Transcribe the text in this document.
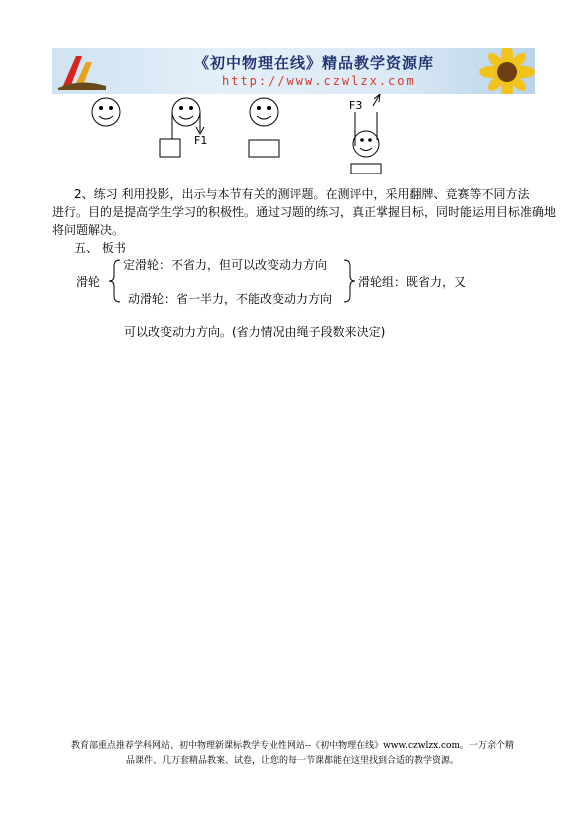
《初中物理在线》精品教学资源库
http://www.czwlzx.com
F1
F3
2、练习 利用投影，出示与本节有关的测评题。在测评中，采用翻牌、竞赛等不同方法
进行。目的是提高学生学习的积极性。通过习题的练习，真正掌握目标，同时能运用目标准确地
将问题解决。
五、 板书
滑轮
定滑轮：不省力，但可以改变动力方向
动滑轮：省一半力，不能改变动力方向
滑轮组：既省力，又
可以改变动力方向。(省力情况由绳子段数来决定)
教育部重点推荐学科网站、初中物理新课标教学专业性网站--《初中物理在线》www.czwlzx.com。一万余个精
品课件、几万套精品教案、试卷，让您的每一节课都能在这里找到合适的教学资源。
